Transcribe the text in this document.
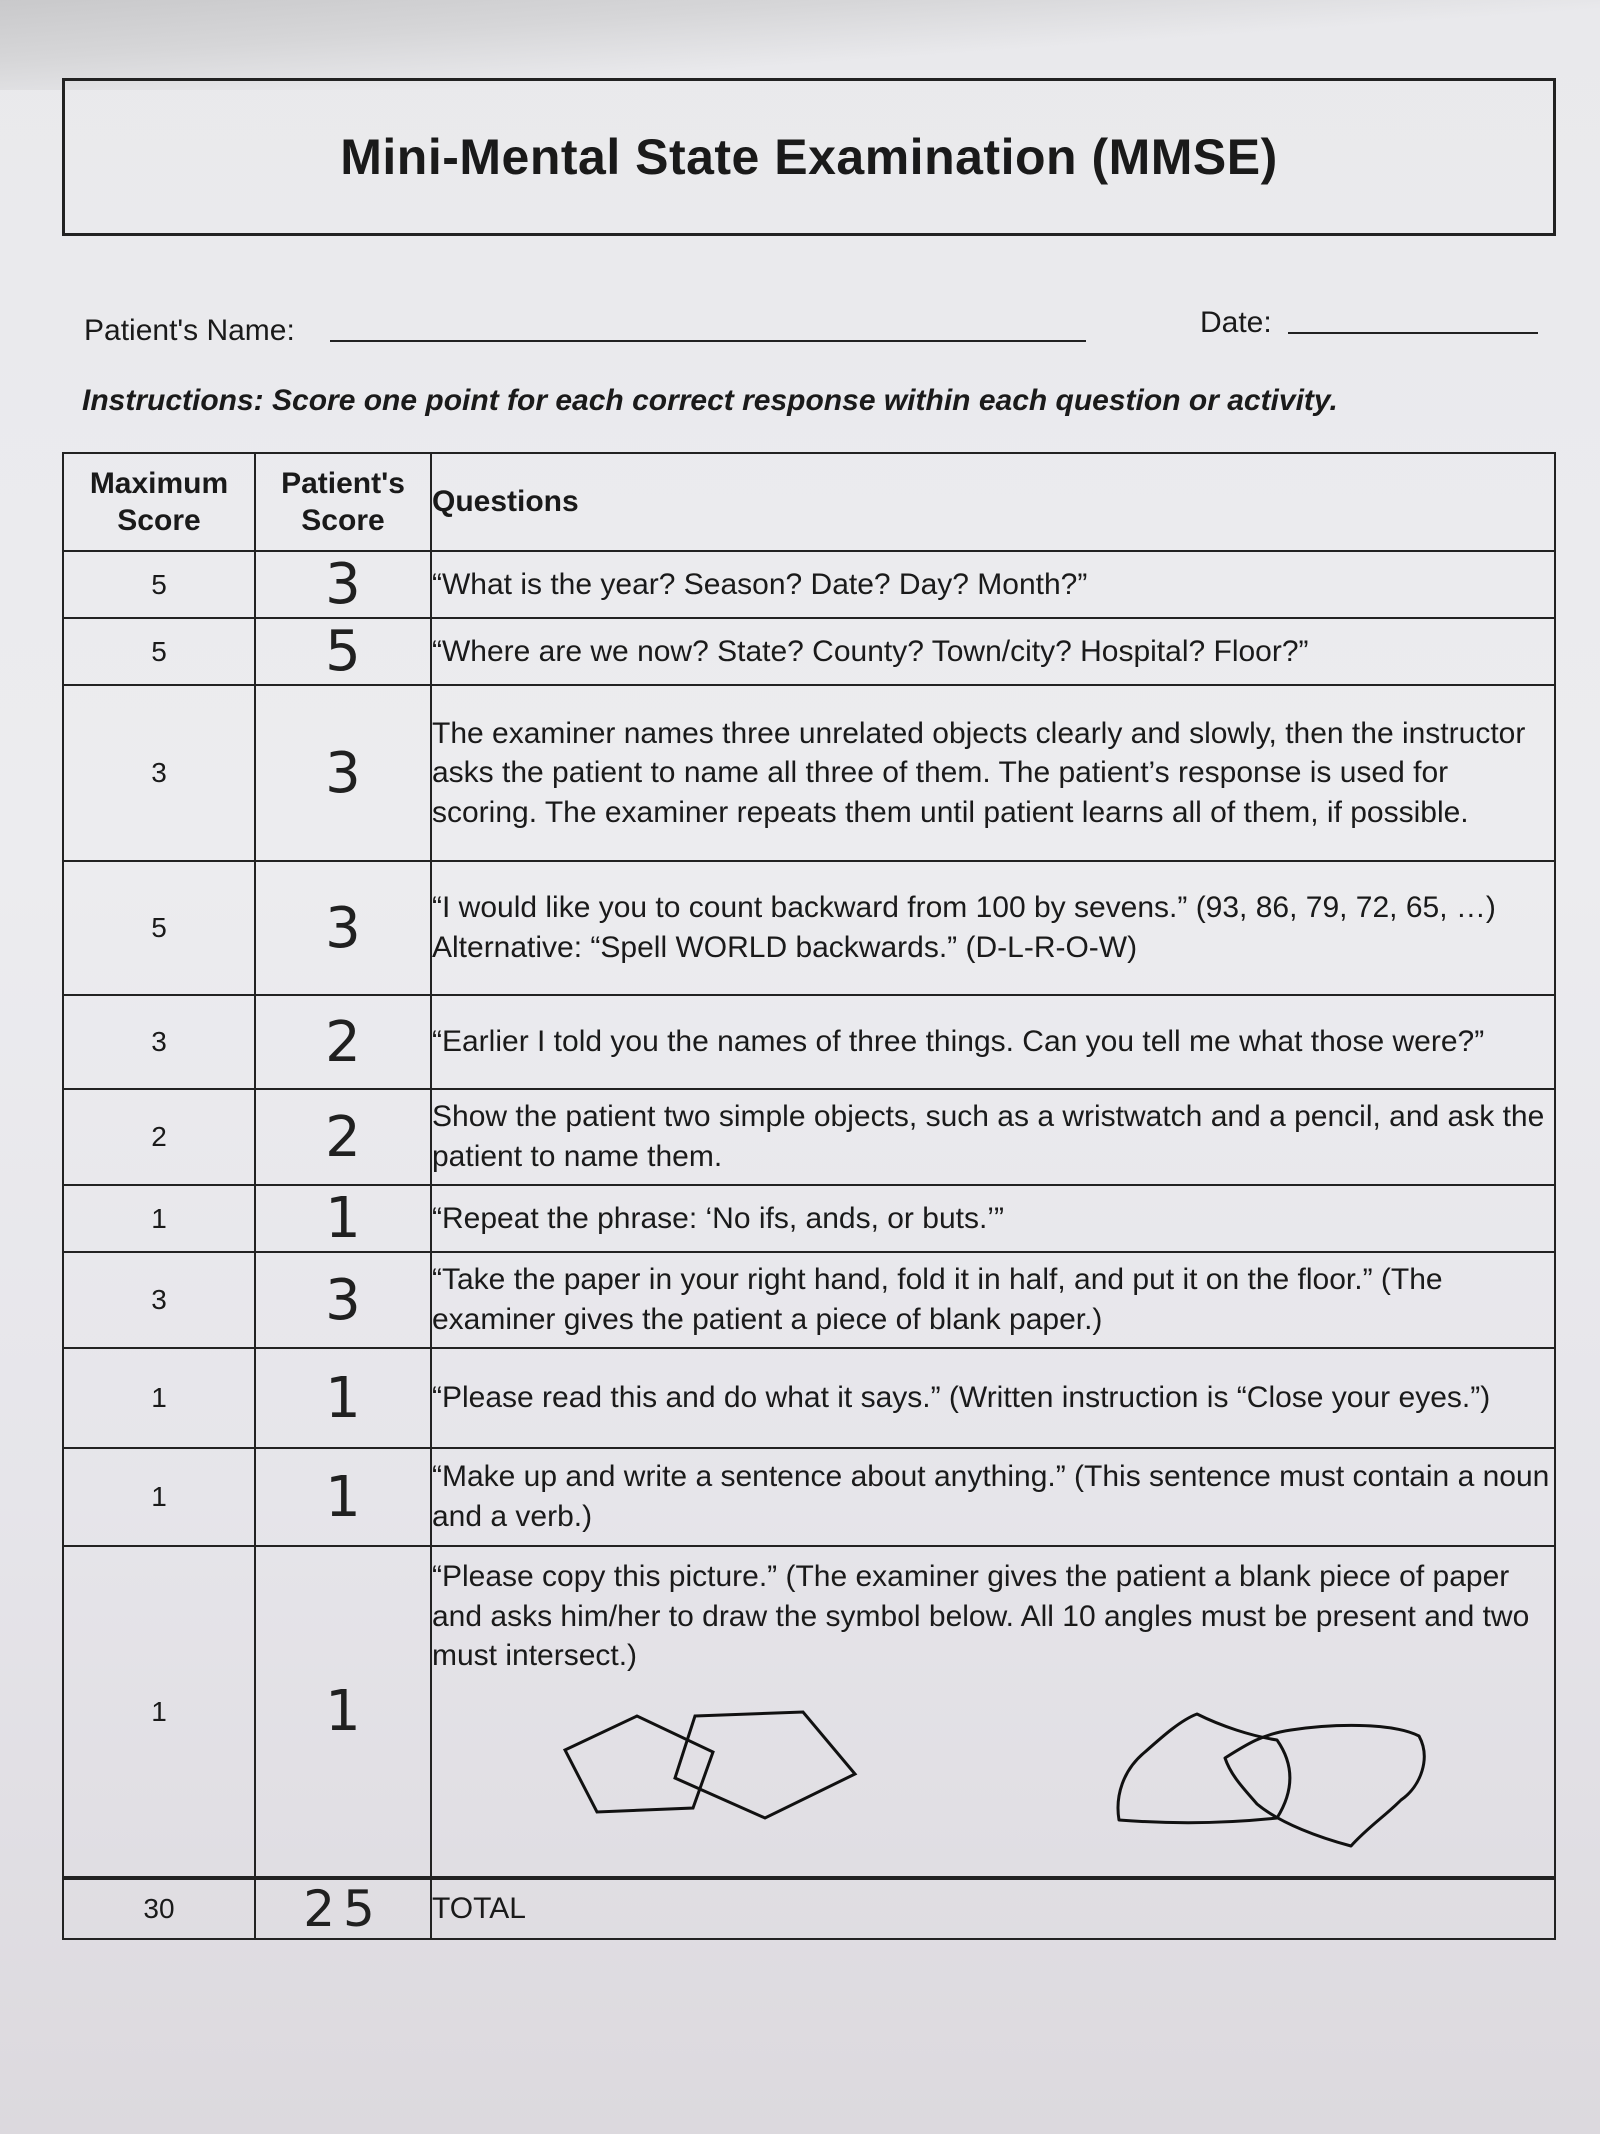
Mini-Mental State Examination (MMSE)
Patient's Name:	Date:
Instructions: Score one point for each correct response within each question or activity.
Maximum Score	Patient's Score	Questions
5	3	“What is the year? Season? Date? Day? Month?”
5	5	“Where are we now? State? County? Town/city? Hospital? Floor?”
3	3	The examiner names three unrelated objects clearly and slowly, then the instructor asks the patient to name all three of them. The patient’s response is used for scoring. The examiner repeats them until patient learns all of them, if possible.
5	3	“I would like you to count backward from 100 by sevens.” (93, 86, 79, 72, 65, …)
Alternative: “Spell WORLD backwards.” (D-L-R-O-W)

3	2	“Earlier I told you the names of three things. Can you tell me what those were?”
2	2	Show the patient two simple objects, such as a wristwatch and a pencil, and ask the patient to name them.
1	1	“Repeat the phrase: ‘No ifs, ands, or buts.’”
3	3	“Take the paper in your right hand, fold it in half, and put it on the floor.” (The examiner gives the patient a piece of blank paper.)
1	1	“Please read this and do what it says.” (Written instruction is “Close your eyes.”)
1	1	“Make up and write a sentence about anything.” (This sentence must contain a noun and a verb.)
1	1	“Please copy this picture.” (The examiner gives the patient a blank piece of paper and asks him/her to draw the symbol below. All 10 angles must be present and two must intersect.)

30	25	TOTAL
